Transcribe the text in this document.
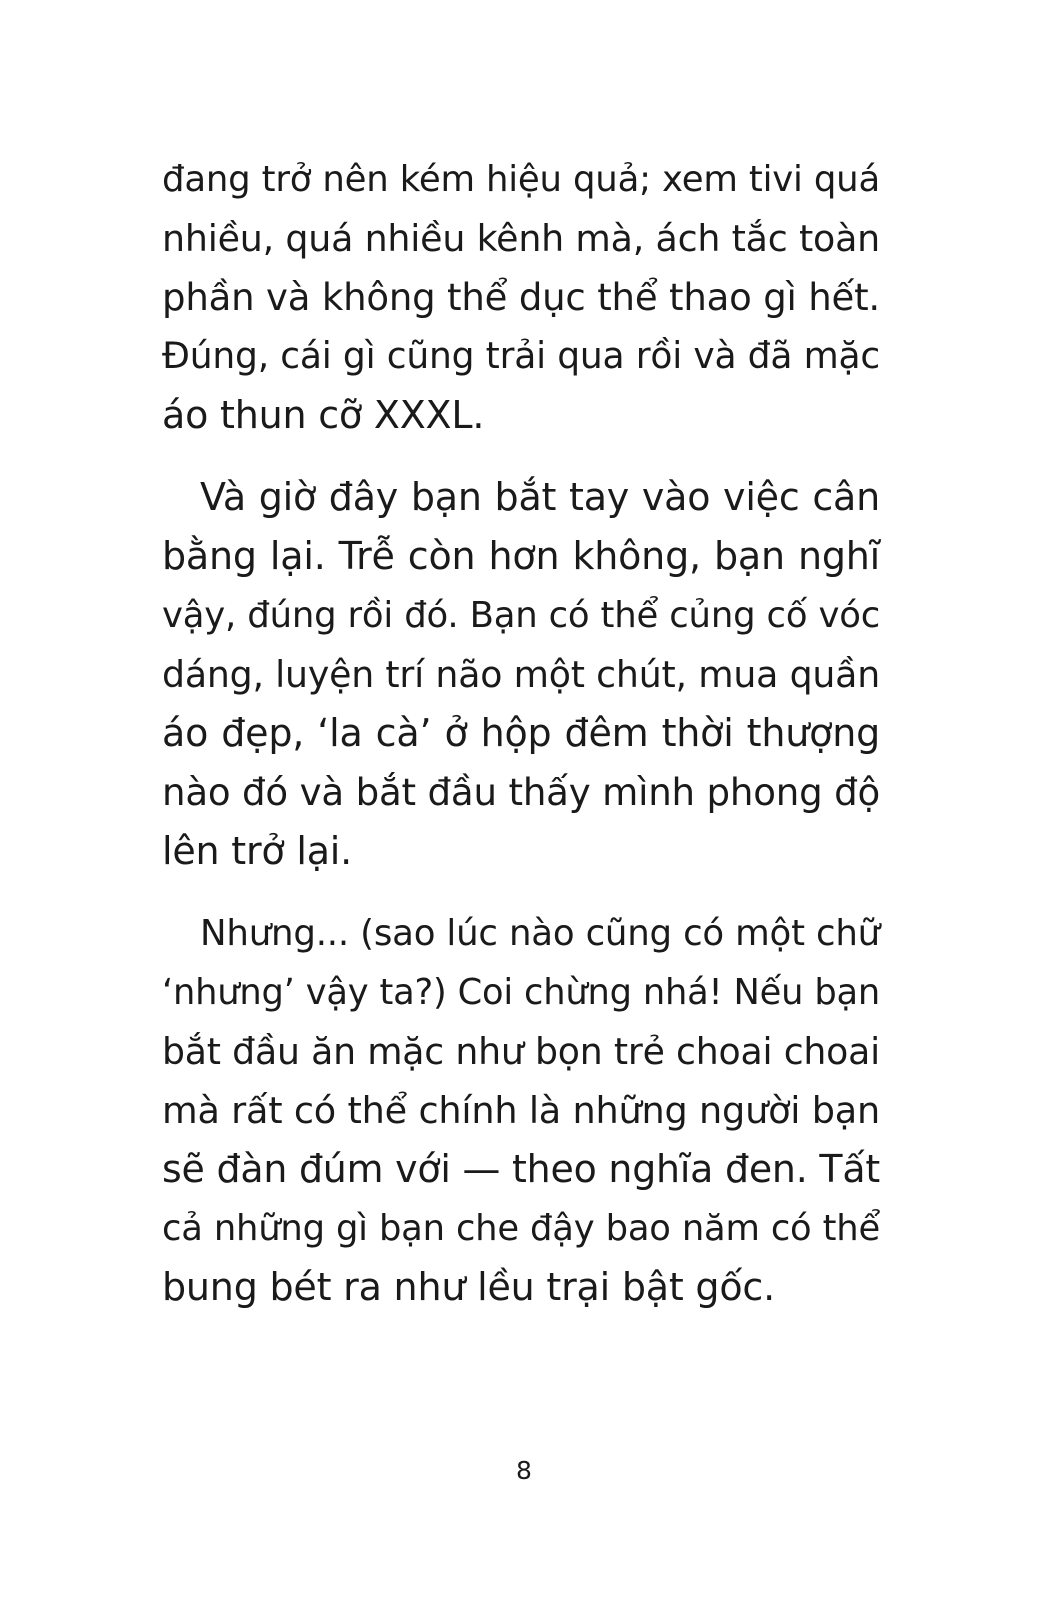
đang trở nên kém hiệu quả; xem tivi quá
nhiều, quá nhiều kênh mà, ách tắc toàn
phần và không thể dục thể thao gì hết.
Đúng, cái gì cũng trải qua rồi và đã mặc
áo thun cỡ XXXL.

Và giờ đây bạn bắt tay vào việc cân
bằng lại. Trễ còn hơn không, bạn nghĩ
vậy, đúng rồi đó. Bạn có thể củng cố vóc
dáng, luyện trí não một chút, mua quần
áo đẹp, ‘la cà’ ở hộp đêm thời thượng
nào đó và bắt đầu thấy mình phong độ
lên trở lại.

Nhưng... (sao lúc nào cũng có một chữ
‘nhưng’ vậy ta?) Coi chừng nhá! Nếu bạn
bắt đầu ăn mặc như bọn trẻ choai choai
mà rất có thể chính là những người bạn
sẽ đàn đúm với — theo nghĩa đen. Tất
cả những gì bạn che đậy bao năm có thể
bung bét ra như lều trại bật gốc.

8
